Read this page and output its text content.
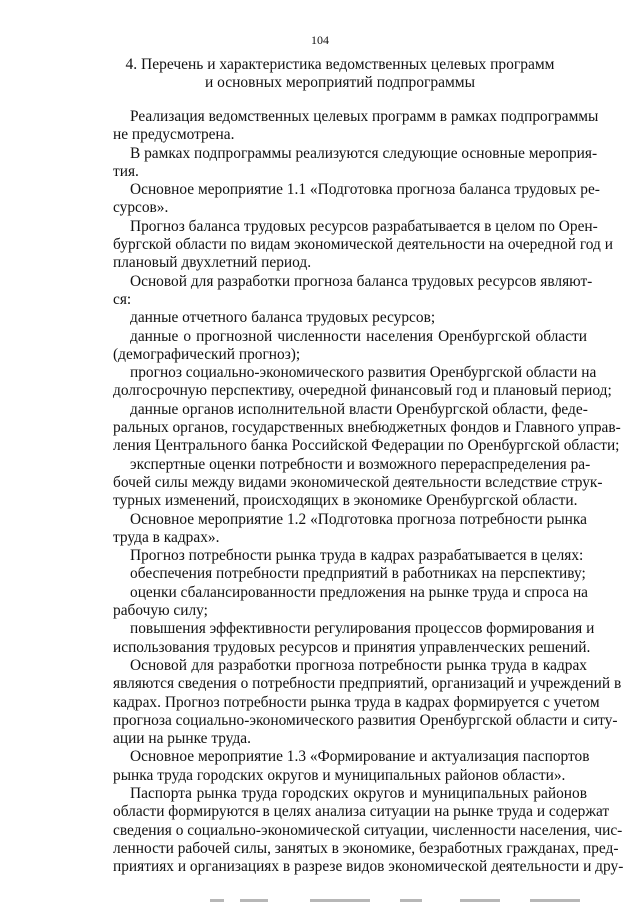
104
4. Перечень и характеристика ведомственных целевых программ
и основных мероприятий подпрограммы
Реализация ведомственных целевых программ в рамках подпрограммы
не предусмотрена.
В рамках подпрограммы реализуются следующие основные мероприя-
тия.
Основное мероприятие 1.1 «Подготовка прогноза баланса трудовых ре-
сурсов».
Прогноз баланса трудовых ресурсов разрабатывается в целом по Орен-
бургской области по видам экономической деятельности на очередной год и
плановый двухлетний период.
Основой для разработки прогноза баланса трудовых ресурсов являют-
ся:
данные отчетного баланса трудовых ресурсов;
данные о прогнозной численности населения Оренбургской области
(демографический прогноз);
прогноз социально-экономического развития Оренбургской области на
долгосрочную перспективу, очередной финансовый год и плановый период;
данные органов исполнительной власти Оренбургской области, феде-
ральных органов, государственных внебюджетных фондов и Главного управ-
ления Центрального банка Российской Федерации по Оренбургской области;
экспертные оценки потребности и возможного перераспределения ра-
бочей силы между видами экономической деятельности вследствие струк-
турных изменений, происходящих в экономике Оренбургской области.
Основное мероприятие 1.2 «Подготовка прогноза потребности рынка
труда в кадрах».
Прогноз потребности рынка труда в кадрах разрабатывается в целях:
обеспечения потребности предприятий в работниках на перспективу;
оценки сбалансированности предложения на рынке труда и спроса на
рабочую силу;
повышения эффективности регулирования процессов формирования и
использования трудовых ресурсов и принятия управленческих решений.
Основой для разработки прогноза потребности рынка труда в кадрах
являются сведения о потребности предприятий, организаций и учреждений в
кадрах. Прогноз потребности рынка труда в кадрах формируется с учетом
прогноза социально-экономического развития Оренбургской области и ситу-
ации на рынке труда.
Основное мероприятие 1.3 «Формирование и актуализация паспортов
рынка труда городских округов и муниципальных районов области».
Паспорта рынка труда городских округов и муниципальных районов
области формируются в целях анализа ситуации на рынке труда и содержат
сведения о социально-экономической ситуации, численности населения, чис-
ленности рабочей силы, занятых в экономике, безработных гражданах, пред-
приятиях и организациях в разрезе видов экономической деятельности и дру-
